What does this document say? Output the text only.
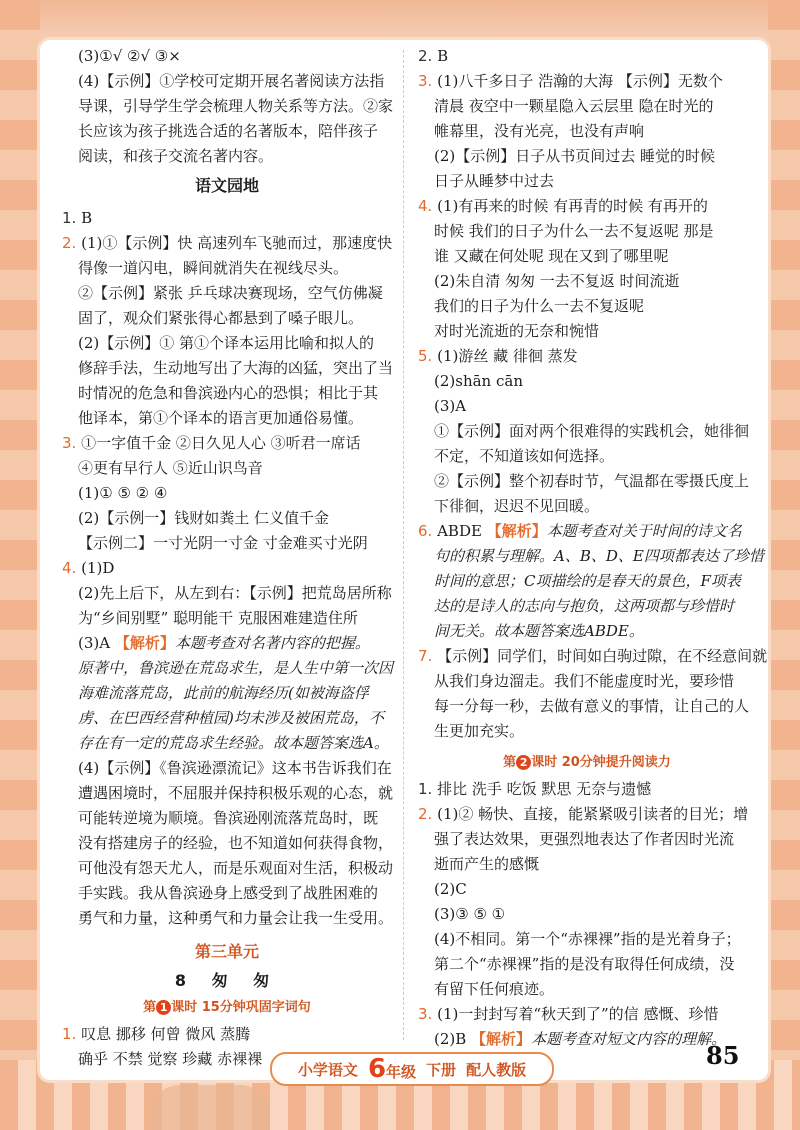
(3)①√ ②√ ③×
(4)【示例】①学校可定期开展名著阅读方法指
导课，引导学生学会梳理人物关系等方法。②家
长应该为孩子挑选合适的名著版本，陪伴孩子
阅读，和孩子交流名著内容。
语文园地
1. B
2. (1)①【示例】快 高速列车飞驰而过，那速度快
得像一道闪电，瞬间就消失在视线尽头。
②【示例】紧张 乒乓球决赛现场，空气仿佛凝
固了，观众们紧张得心都悬到了嗓子眼儿。
(2)【示例】① 第①个译本运用比喻和拟人的
修辞手法，生动地写出了大海的凶猛，突出了当
时情况的危急和鲁滨逊内心的恐惧；相比于其
他译本，第①个译本的语言更加通俗易懂。
3. ①一字值千金 ②日久见人心 ③听君一席话
④更有早行人 ⑤近山识鸟音
(1)① ⑤ ② ④
(2)【示例一】钱财如粪土 仁义值千金
【示例二】一寸光阴一寸金 寸金难买寸光阴
4. (1)D
(2)先上后下，从左到右：【示例】把荒岛居所称
为“乡间别墅” 聪明能干 克服困难建造住所
(3)A 【解析】本题考查对名著内容的把握。
原著中，鲁滨逊在荒岛求生，是人生中第一次因
海难流落荒岛，此前的航海经历(如被海盗俘
虏、在巴西经营种植园)均未涉及被困荒岛，不
存在有一定的荒岛求生经验。故本题答案选A。
(4)【示例】《鲁滨逊漂流记》这本书告诉我们在
遭遇困境时，不屈服并保持积极乐观的心态，就
可能转逆境为顺境。鲁滨逊刚流落荒岛时，既
没有搭建房子的经验，也不知道如何获得食物，
可他没有怨天尤人，而是乐观面对生活，积极动
手实践。我从鲁滨逊身上感受到了战胜困难的
勇气和力量，这种勇气和力量会让我一生受用。
第三单元
8 匆 匆
第 1 课时 15分钟巩固字词句
1. 叹息 挪移 何曾 微风 蒸腾
确乎 不禁 觉察 珍藏 赤裸裸
2. B
3. (1)八千多日子 浩瀚的大海 【示例】无数个
清晨 夜空中一颗星隐入云层里 隐在时光的
帷幕里，没有光亮，也没有声响
(2)【示例】日子从书页间过去 睡觉的时候
日子从睡梦中过去
4. (1)有再来的时候 有再青的时候 有再开的
时候 我们的日子为什么一去不复返呢 那是
谁 又藏在何处呢 现在又到了哪里呢
(2)朱自清 匆匆 一去不复返 时间流逝
我们的日子为什么一去不复返呢
对时光流逝的无奈和惋惜
5. (1)游丝 藏 徘徊 蒸发
(2)shān cān
(3)A
①【示例】面对两个很难得的实践机会，她徘徊
不定，不知道该如何选择。
②【示例】整个初春时节，气温都在零摄氏度上
下徘徊，迟迟不见回暖。
6. ABDE 【解析】本题考查对关于时间的诗文名
句的积累与理解。A、B、D、E四项都表达了珍惜
时间的意思；C项描绘的是春天的景色，F项表
达的是诗人的志向与抱负，这两项都与珍惜时
间无关。故本题答案选ABDE。
7. 【示例】同学们，时间如白驹过隙，在不经意间就
从我们身边溜走。我们不能虚度时光，要珍惜
每一分每一秒，去做有意义的事情，让自己的人
生更加充实。
第 2 课时 20分钟提升阅读力
1. 排比 洗手 吃饭 默思 无奈与遗憾
2. (1)② 畅快、直接，能紧紧吸引读者的目光；增
强了表达效果，更强烈地表达了作者因时光流
逝而产生的感慨
(2)C
(3)③ ⑤ ①
(4)不相同。第一个“赤裸裸”指的是光着身子；
第二个“赤裸裸”指的是没有取得任何成绩，没
有留下任何痕迹。
3. (1)一封封写着“秋天到了”的信 感慨、珍惜
(2)B 【解析】本题考查对短文内容的理解。
小学语文 6年级 下册 配人教版	85
